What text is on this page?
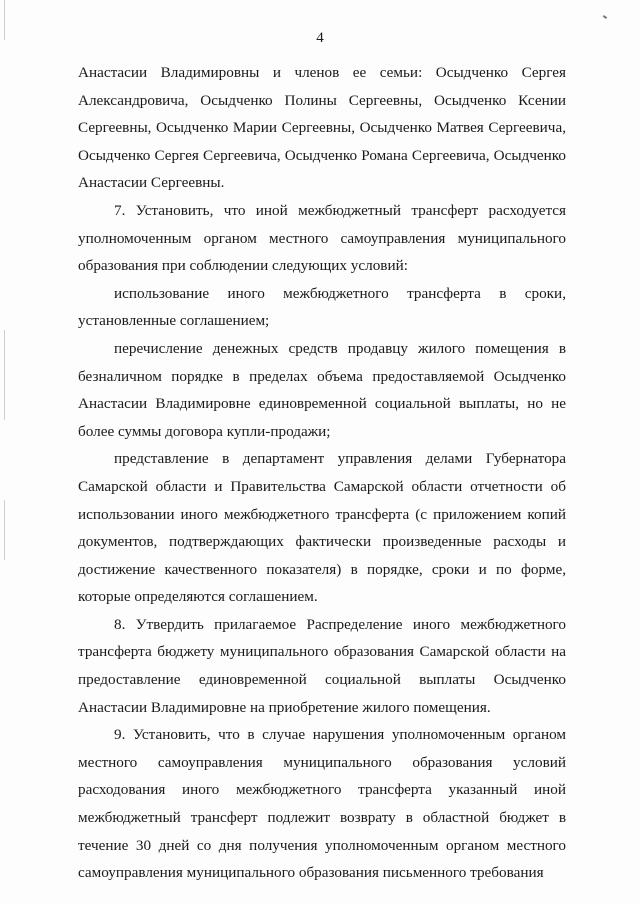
4

Анастасии Владимировны и членов ее семьи: Осыдченко Сергея Александровича, Осыдченко Полины Сергеевны, Осыдченко Ксении Сергеевны, Осыдченко Марии Сергеевны, Осыдченко Матвея Сергеевича, Осыдченко Сергея Сергеевича, Осыдченко Романа Сергеевича, Осыдченко Анастасии Сергеевны.

7. Установить, что иной межбюджетный трансферт расходуется уполномоченным органом местного самоуправления муниципального образования при соблюдении следующих условий:

использование иного межбюджетного трансферта в сроки, установленные соглашением;

перечисление денежных средств продавцу жилого помещения в безналичном порядке в пределах объема предоставляемой Осыдченко Анастасии Владимировне единовременной социальной выплаты, но не более суммы договора купли-продажи;

представление в департамент управления делами Губернатора Самарской области и Правительства Самарской области отчетности об использовании иного межбюджетного трансферта (с приложением копий документов, подтверждающих фактически произведенные расходы и достижение качественного показателя) в порядке, сроки и по форме, которые определяются соглашением.

8. Утвердить прилагаемое Распределение иного межбюджетного трансферта бюджету муниципального образования Самарской области на предоставление единовременной социальной выплаты Осыдченко Анастасии Владимировне на приобретение жилого помещения.

9. Установить, что в случае нарушения уполномоченным органом местного самоуправления муниципального образования условий расходования иного межбюджетного трансферта указанный иной межбюджетный трансферт подлежит возврату в областной бюджет в течение 30 дней со дня получения уполномоченным органом местного самоуправления муниципального образования письменного требования
